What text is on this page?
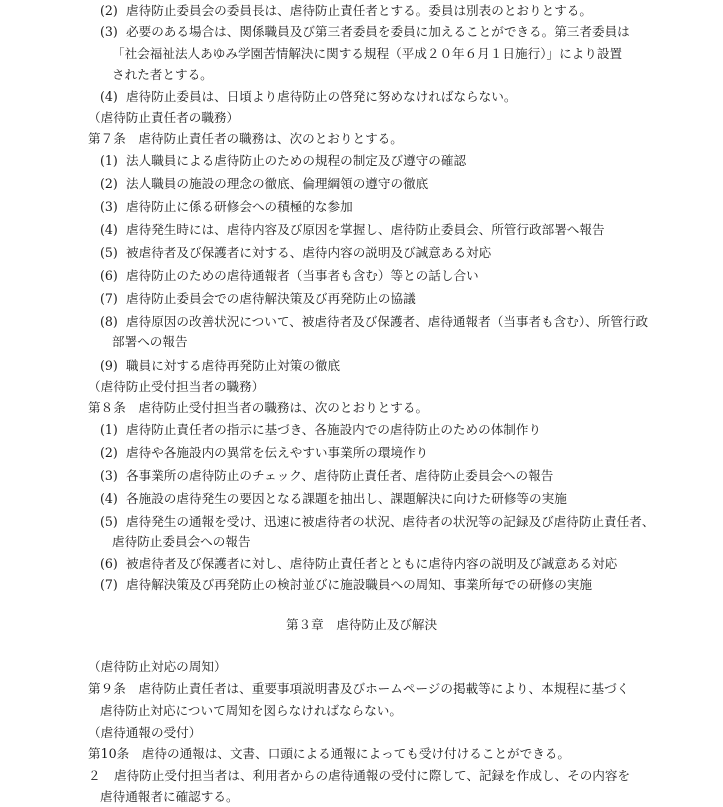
(2) 虐待防止委員会の委員長は、虐待防止責任者とする。委員は別表のとおりとする。
(3) 必要のある場合は、関係職員及び第三者委員を委員に加えることができる。第三者委員は
「社会福祉法人あゆみ学園苦情解決に関する規程（平成２０年６月１日施行）」により設置
された者とする。
(4) 虐待防止委員は、日頃より虐待防止の啓発に努めなければならない。
（虐待防止責任者の職務）
第７条　虐待防止責任者の職務は、次のとおりとする。
(1) 法人職員による虐待防止のための規程の制定及び遵守の確認
(2) 法人職員の施設の理念の徹底、倫理綱領の遵守の徹底
(3) 虐待防止に係る研修会への積極的な参加
(4) 虐待発生時には、虐待内容及び原因を掌握し、虐待防止委員会、所管行政部署へ報告
(5) 被虐待者及び保護者に対する、虐待内容の説明及び誠意ある対応
(6) 虐待防止のための虐待通報者（当事者も含む）等との話し合い
(7) 虐待防止委員会での虐待解決策及び再発防止の協議
(8) 虐待原因の改善状況について、被虐待者及び保護者、虐待通報者（当事者も含む）、所管行政
部署への報告
(9) 職員に対する虐待再発防止対策の徹底
（虐待防止受付担当者の職務）
第８条　虐待防止受付担当者の職務は、次のとおりとする。
(1) 虐待防止責任者の指示に基づき、各施設内での虐待防止のための体制作り
(2) 虐待や各施設内の異常を伝えやすい事業所の環境作り
(3) 各事業所の虐待防止のチェック、虐待防止責任者、虐待防止委員会への報告
(4) 各施設の虐待発生の要因となる課題を抽出し、課題解決に向けた研修等の実施
(5) 虐待発生の通報を受け、迅速に被虐待者の状況、虐待者の状況等の記録及び虐待防止責任者、
虐待防止委員会への報告
(6) 被虐待者及び保護者に対し、虐待防止責任者とともに虐待内容の説明及び誠意ある対応
(7) 虐待解決策及び再発防止の検討並びに施設職員への周知、事業所毎での研修の実施
第３章　虐待防止及び解決
（虐待防止対応の周知）
第９条　虐待防止責任者は、重要事項説明書及びホームページの掲載等により、本規程に基づく
虐待防止対応について周知を図らなければならない。
（虐待通報の受付）
第10条　虐待の通報は、文書、口頭による通報によっても受け付けることができる。
２ 虐待防止受付担当者は、利用者からの虐待通報の受付に際して、記録を作成し、その内容を
虐待通報者に確認する。
